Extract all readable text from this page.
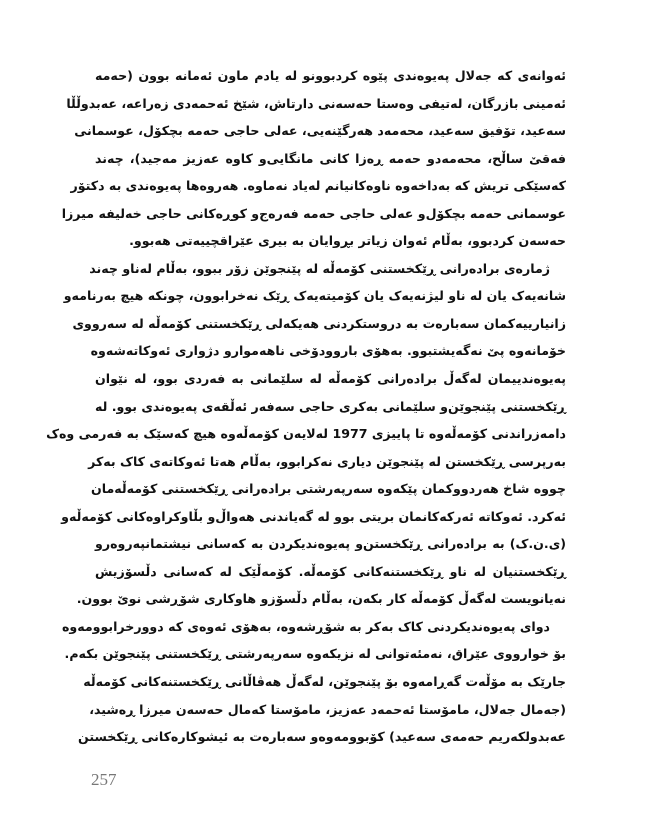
ئەوانەی کە جەلال پەیوەندی پێوە کردبوونو لە یادم ماون ئەمانە بوون (حەمە
ئەمینی بازرگان، لەتیفی وەستا حەسەنی دارتاش، شێخ ئەحمەدی زەراعە، عەبدوڵڵا
سەعید، تۆفیق سەعید، محەمەد هەرگێنەیی، عەلی حاجی حەمە بچکۆل، عوسمانی
فەقێ ساڵح، محەمەدو حەمە ڕەزا کانی مانگایی‌و کاوە عەزیز مەجید)، چەند
کەسێکی تریش کە بەداخەوە ناوەکانیانم لەیاد نەماوە. هەروەها پەیوەندی بە دکتۆر
عوسمانی حەمە بچکۆل‌و عەلی حاجی حەمە فەرەج‌و کوڕەکانی حاجی خەلیفە میرزا
حەسەن کردبوو، بەڵام ئەوان زیاتر بڕوایان بە بیری عێراقچییەتی هەبوو.
ژمارەی برادەرانی ڕێکخستنی کۆمەڵە لە پێنجوێن زۆر ببوو، بەڵام لەناو چەند
شانەیەک یان لە ناو لیژنەیەک یان کۆمیتەیەک ڕێک نەخرابوون، چونکە هیچ بەرنامەو
زانیارییەکمان سەبارەت بە دروستکردنی هەیکەلی ڕێکخستنی کۆمەڵە لە سەرووی
خۆمانەوە پێ نەگەیشتبوو. بەهۆی باروودۆخی ناهەموارو دژواری ئەوکاتەشەوە
پەیوەندییمان لەگەڵ برادەرانی کۆمەڵە لە سلێمانی بە فەردی بوو، لە نێوان
ڕێکخستنی پێنجوێن‌و سلێمانی بەکری حاجی سەفەر ئەڵقەی پەیوەندی بوو. لە
دامەزراندنی کۆمەڵەوە تا پاییزی 1977 لەلایەن کۆمەڵەوە هیچ کەسێک بە فەرمی وەک
بەرپرسی ڕێکخستن لە پێنجوێن دیاری نەکرابوو، بەڵام هەتا ئەوکاتەی کاک بەکر
چووە شاخ هەردووکمان پێکەوە سەرپەرشتی برادەرانی ڕێکخستنی کۆمەڵەمان
ئەکرد. ئەوکاتە ئەرکەکانمان بریتی بوو لە گەیاندنی هەواڵ‌و بڵاوکراوەکانی کۆمەڵەو
(ی.ن.ک) بە برادەرانی ڕێکخستن‌و پەیوەندیکردن بە کەسانی نیشتمانپەروەرو
ڕێکخستنیان لە ناو ڕێکخستنەکانی کۆمەڵە. کۆمەڵێک لە کەسانی دڵسۆزیش
نەیانویست لەگەڵ کۆمەڵە کار بکەن، بەڵام دڵسۆزو هاوکاری شۆڕشی نوێ بوون.
دوای پەیوەندیکردنی کاک بەکر بە شۆڕشەوە، بەهۆی ئەوەی کە دوورخرابوومەوە
بۆ خوارووی عێراق، نەمئەتوانی لە نزیکەوە سەرپەرشتی ڕێکخستنی پێنجوێن بکەم.
جارێک بە مۆڵەت گەڕامەوە بۆ پێنجوێن، لەگەڵ هەڤاڵانی ڕێکخستنەکانی کۆمەڵە
(جەمال جەلال، مامۆستا ئەحمەد عەزیز، مامۆستا کەمال حەسەن میرزا ڕەشید،
عەبدولکەریم حەمەی سەعید) کۆبوومەوەو سەبارەت بە ئیشوکارەکانی ڕێکخستن
257
